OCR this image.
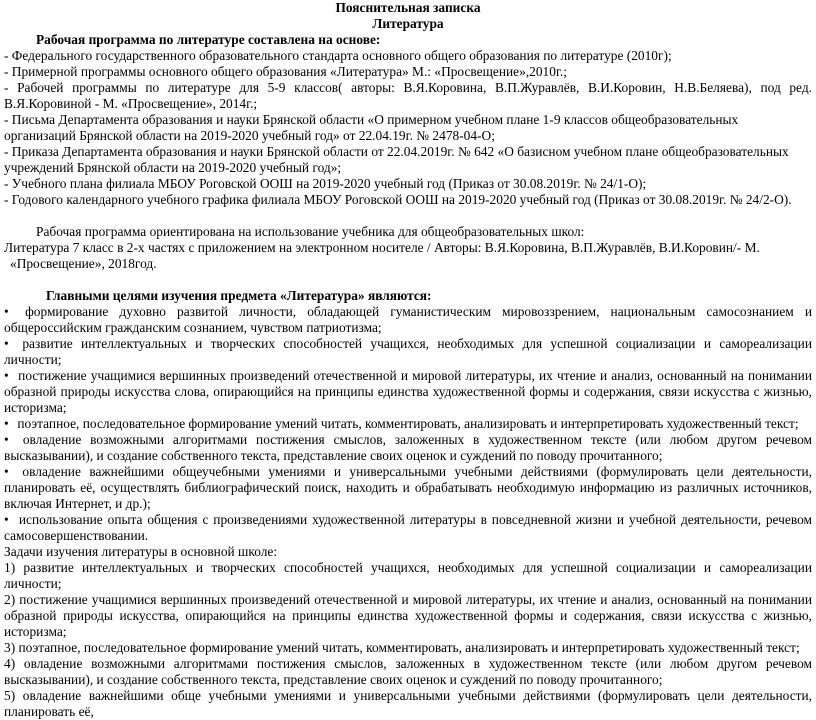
Пояснительная записка
Литература

Рабочая программа по литературе составлена на основе:

- Федерального государственного образовательного стандарта основного общего образования по литературе (2010г);

- Примерной программы основного общего образования «Литература» М.: «Просвещение»,2010г.;

- Рабочей программы по литературе для 5-9 классов( авторы: В.Я.Коровина, В.П.Журавлёв, В.И.Коровин, Н.В.Беляева), под ред. В.Я.Коровиной - М. «Просвещение», 2014г.;

- Письма Департамента образования и науки Брянской области «О примерном учебном плане 1-9 классов общеобразовательных организаций Брянской области на 2019-2020 учебный год» от 22.04.19г. № 2478-04-О;

- Приказа Департамента образования и науки Брянской области от 22.04.2019г. № 642 «О базисном учебном плане общеобразовательных учреждений Брянской области на 2019-2020 учебный год»;

- Учебного плана филиала МБОУ Роговской ООШ на 2019-2020 учебный год (Приказ от 30.08.2019г. № 24/1-О);

- Годового календарного учебного графика филиала МБОУ Роговской ООШ на 2019-2020 учебный год (Приказ от 30.08.2019г. № 24/2-О).

Рабочая программа ориентирована на использование учебника для общеобразовательных школ:

Литература 7 класс в 2-х частях с приложением на электронном носителе / Авторы: В.Я.Коровина, В.П.Журавлёв, В.И.Коровин/- М.

«Просвещение», 2018год.

Главными целями изучения предмета «Литература» являются:

• формирование духовно развитой личности, обладающей гуманистическим мировоззрением, национальным самосознанием и общероссийским гражданским сознанием, чувством патриотизма;

• развитие интеллектуальных и творческих способностей учащихся, необходимых для успешной социализации и самореализации личности;

• постижение учащимися вершинных произведений отечественной и мировой литературы, их чтение и анализ, основанный на понимании образной природы искусства слова, опирающийся на принципы единства художественной формы и содержания, связи искусства с жизнью, историзма;

• поэтапное, последовательное формирование умений читать, комментировать, анализировать и интерпретировать художественный текст;

• овладение возможными алгоритмами постижения смыслов, заложенных в художественном тексте (или любом другом речевом высказывании), и создание собственного текста, представление своих оценок и суждений по поводу прочитанного;

• овладение важнейшими общеучебными умениями и универсальными учебными действиями (формулировать цели деятельности, планировать её, осуществлять библиографический поиск, находить и обрабатывать необходимую информацию из различных источников, включая Интернет, и др.);

• использование опыта общения с произведениями художественной литературы в повседневной жизни и учебной деятельности, речевом самосовершенствовании.

Задачи изучения литературы в основной школе:

1) развитие интеллектуальных и творческих способностей учащихся, необходимых для успешной социализации и самореализации личности;

2) постижение учащимися вершинных произведений отечественной и мировой литературы, их чтение и анализ, основанный на понимании образной природы искусства, опирающийся на принципы единства художественной формы и содержания, связи искусства с жизнью, историзма;

3) поэтапное, последовательное формирование умений читать, комментировать, анализировать и интерпретировать художественный текст;

4) овладение возможными алгоритмами постижения смыслов, заложенных в художественном тексте (или любом другом речевом высказывании), и создание собственного текста, представление своих оценок и суждений по поводу прочитанного;

5) овладение важнейшими обще учебными умениями и универсальными учебными действиями (формулировать цели деятельности, планировать её,
